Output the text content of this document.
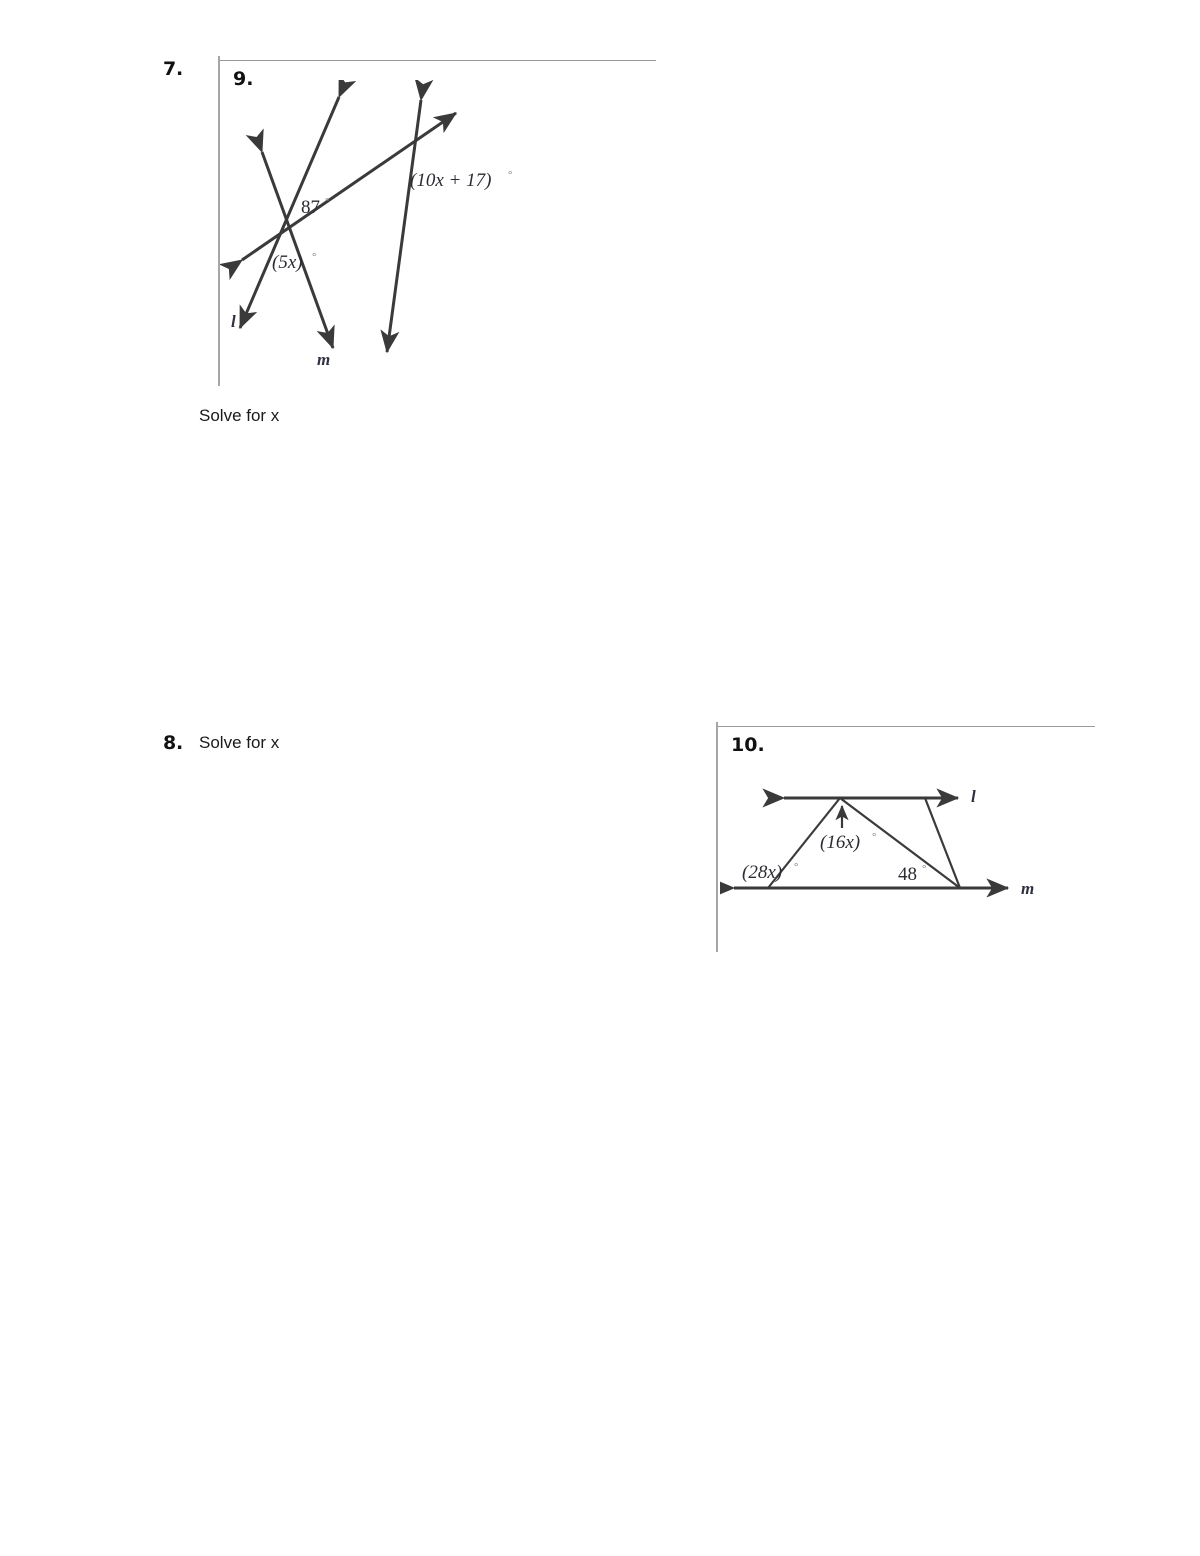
7.	9.
87 °
(5x) °
(10x + 17) °
l
m
Solve for x
8. Solve for x	10.
(16x) °
(28x) °	48 °
l
m
